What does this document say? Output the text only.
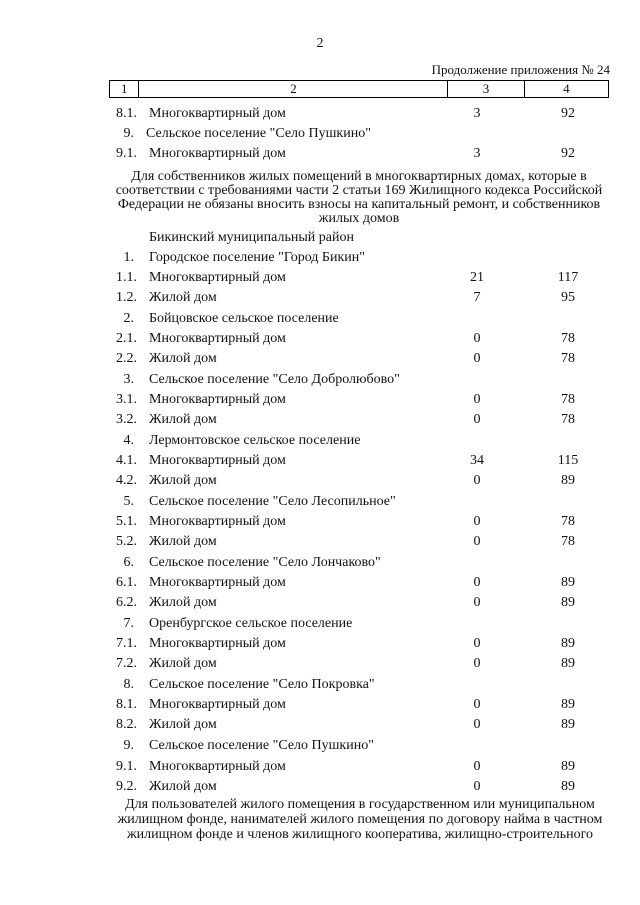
2
Продолжение приложения № 24
1	2	3	4
8.1. Многоквартирный дом	3	92
9. Сельское поселение "Село Пушкино"
9.1. Многоквартирный дом	3	92
Для собственников жилых помещений в многоквартирных домах, которые в соответствии с требованиями части 2 статьи 169 Жилищного кодекса Российской Федерации не обязаны вносить взносы на капитальный ремонт, и собственников жилых домов
Бикинский муниципальный район
1. Городское поселение "Город Бикин"
1.1. Многоквартирный дом	21	117
1.2. Жилой дом	7	95
2. Бойцовское сельское поселение
2.1. Многоквартирный дом	0	78
2.2. Жилой дом	0	78
3. Сельское поселение "Село Добролюбово"
3.1. Многоквартирный дом	0	78
3.2. Жилой дом	0	78
4. Лермонтовское сельское поселение
4.1. Многоквартирный дом	34	115
4.2. Жилой дом	0	89
5. Сельское поселение "Село Лесопильное"
5.1. Многоквартирный дом	0	78
5.2. Жилой дом	0	78
6. Сельское поселение "Село Лончаково"
6.1. Многоквартирный дом	0	89
6.2. Жилой дом	0	89
7. Оренбургское сельское поселение
7.1. Многоквартирный дом	0	89
7.2. Жилой дом	0	89
8. Сельское поселение "Село Покровка"
8.1. Многоквартирный дом	0	89
8.2. Жилой дом	0	89
9. Сельское поселение "Село Пушкино"
9.1. Многоквартирный дом	0	89
9.2. Жилой дом	0	89
Для пользователей жилого помещения в государственном или муниципальном жилищном фонде, нанимателей жилого помещения по договору найма в частном жилищном фонде и членов жилищного кооператива, жилищно-строительного
